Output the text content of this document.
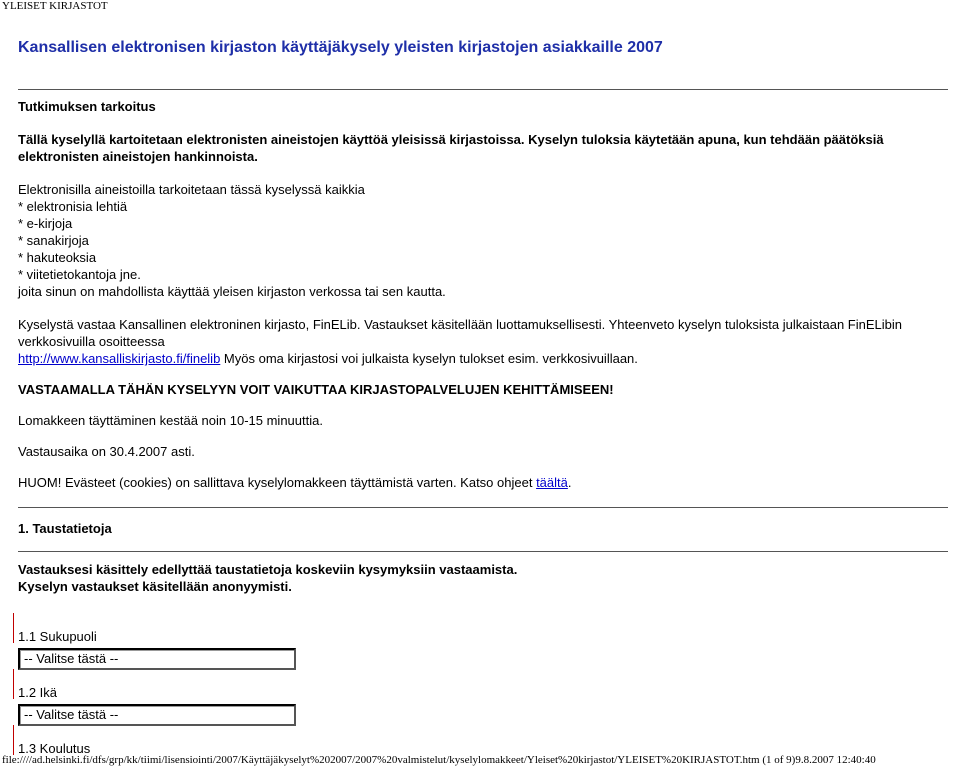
YLEISET KIRJASTOT
Kansallisen elektronisen kirjaston käyttäjäkysely yleisten kirjastojen asiakkaille 2007
Tutkimuksen tarkoitus

Tällä kyselyllä kartoitetaan elektronisten aineistojen käyttöä yleisissä kirjastoissa. Kyselyn tuloksia käytetään apuna, kun tehdään päätöksiä elektronisten aineistojen hankinnoista.

Elektronisilla aineistoilla tarkoitetaan tässä kyselyssä kaikkia

* elektronisia lehtiä
* e-kirjoja
* sanakirjoja
* hakuteoksia
* viitetietokantoja jne.

joita sinun on mahdollista käyttää yleisen kirjaston verkossa tai sen kautta.

Kyselystä vastaa Kansallinen elektroninen kirjasto, FinELib. Vastaukset käsitellään luottamuksellisesti. Yhteenveto kyselyn tuloksista julkaistaan FinELibin verkkosivuilla osoitteessa
http://www.kansalliskirjasto.fi/finelib Myös oma kirjastosi voi julkaista kyselyn tulokset esim. verkkosivuillaan.

VASTAAMALLA TÄHÄN KYSELYYN VOIT VAIKUTTAA KIRJASTOPALVELUJEN KEHITTÄMISEEN!

Lomakkeen täyttäminen kestää noin 10-15 minuuttia.

Vastausaika on 30.4.2007 asti.

HUOM! Evästeet (cookies) on sallittava kyselylomakkeen täyttämistä varten. Katso ohjeet täältä.

1. Taustatietoja

Vastauksesi käsittely edellyttää taustatietoja koskeviin kysymyksiin vastaamista.

Kyselyn vastaukset käsitellään anonyymisti.

1.1 Sukupuoli
-- Valitse tästä --
1.2 Ikä
-- Valitse tästä --
1.3 Koulutus
file:////ad.helsinki.fi/dfs/grp/kk/tiimi/lisensiointi/2007/Käyttäjäkyselyt%202007/2007%20valmistelut/kyselylomakkeet/Yleiset%20kirjastot/YLEISET%20KIRJASTOT.htm (1 of 9)9.8.2007 12:40:40
